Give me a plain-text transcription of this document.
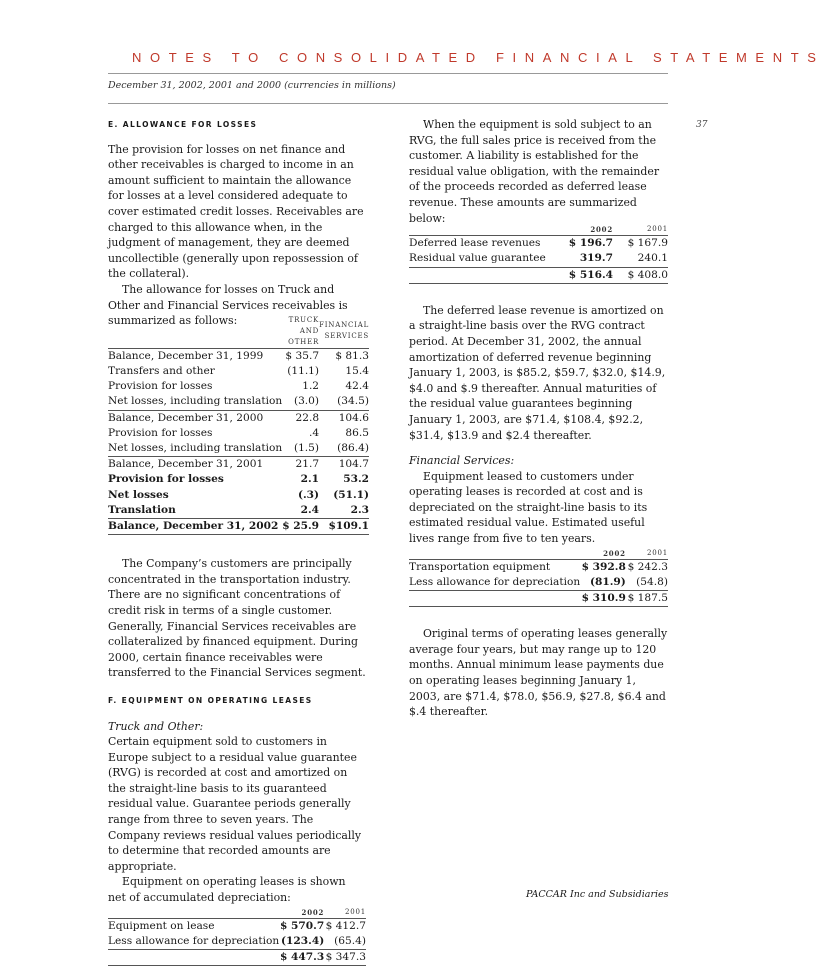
NOTES TO CONSOLIDATED FINANCIAL STATEMENTS
December 31, 2002, 2001 and 2000 (currencies in millions)
37

E. ALLOWANCE FOR LOSSES

The provision for losses on net finance and other receivables is charged to income in an amount sufficient to maintain the allowance for losses at a level considered adequate to cover estimated credit losses. Receivables are charged to this allowance when, in the judgment of management, they are deemed uncollectible (generally upon repossession of the collateral).

The allowance for losses on Truck and Other and Financial Services receivables is summarized as follows:

		TRUCK AND OTHER	FINANCIAL SERVICES
Balance, December 31, 1999	$ 35.7	$ 81.3
Transfers and other	(11.1)	15.4
Provision for losses	1.2	42.4
Net losses, including translation	(3.0)	(34.5)
Balance, December 31, 2000	22.8	104.6
Provision for losses	.4	86.5
Net losses, including translation	(1.5)	(86.4)
Balance, December 31, 2001	21.7	104.7
Provision for losses	2.1	53.2
Net losses	(.3)	(51.1)
Translation	2.4	2.3
Balance, December 31, 2002	$ 25.9	$109.1

The Company’s customers are principally concentrated in the transportation industry. There are no significant concentrations of credit risk in terms of a single customer. Generally, Financial Services receivables are collateralized by financed equipment. During 2000, certain finance receivables were transferred to the Financial Services segment.

F. EQUIPMENT ON OPERATING LEASES

Truck and Other:

Certain equipment sold to customers in Europe subject to a residual value guarantee (RVG) is recorded at cost and amortized on the straight-line basis to its guaranteed residual value. Guarantee periods generally range from three to seven years. The Company reviews residual values periodically to determine that recorded amounts are appropriate.

Equipment on operating leases is shown net of accumulated depreciation:

	2002	2001
Equipment on lease	$ 570.7	$ 412.7
Less allowance for depreciation	(123.4)	(65.4)
	$ 447.3	$ 347.3

When the equipment is sold subject to an RVG, the full sales price is received from the customer. A liability is established for the residual value obligation, with the remainder of the proceeds recorded as deferred lease revenue. These amounts are summarized below:

	2002	2001
Deferred lease revenues	$ 196.7	$ 167.9
Residual value guarantee	319.7	240.1
	$ 516.4	$ 408.0

The deferred lease revenue is amortized on a straight-line basis over the RVG contract period. At December 31, 2002, the annual amortization of deferred revenue beginning January 1, 2003, is $85.2, $59.7, $32.0, $14.9, $4.0 and $.9 thereafter. Annual maturities of the residual value guarantees beginning January 1, 2003, are $71.4, $108.4, $92.2, $31.4, $13.9 and $2.4 thereafter.

Financial Services:

Equipment leased to customers under operating leases is recorded at cost and is depreciated on the straight-line basis to its estimated residual value. Estimated useful lives range from five to ten years.

	2002	2001
Transportation equipment	$ 392.8	$ 242.3
Less allowance for depreciation	(81.9)	(54.8)
	$ 310.9	$ 187.5

Original terms of operating leases generally average four years, but may range up to 120 months. Annual minimum lease payments due on operating leases beginning January 1, 2003, are $71.4, $78.0, $56.9, $27.8, $6.4 and $.4 thereafter.

PACCAR Inc and Subsidiaries
